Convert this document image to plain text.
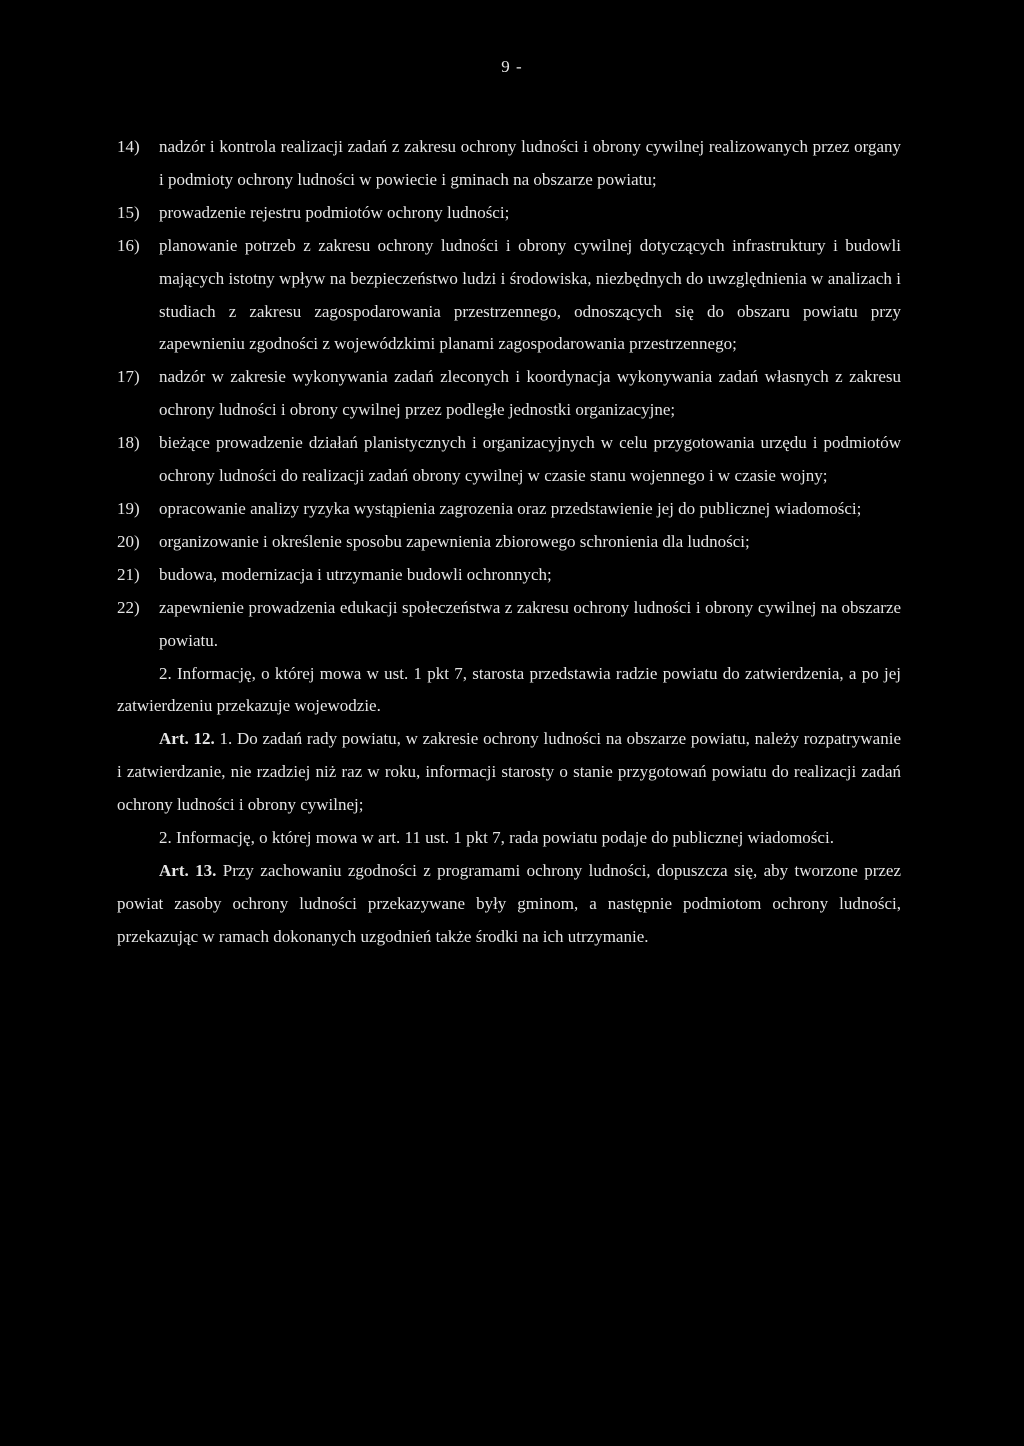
9 -
14) nadzór i kontrola realizacji zadań z zakresu ochrony ludności i obrony cywilnej realizowanych przez organy i podmioty ochrony ludności w powiecie i gminach na obszarze powiatu;
15) prowadzenie rejestru podmiotów ochrony ludności;
16) planowanie potrzeb z zakresu ochrony ludności i obrony cywilnej dotyczących infrastruktury i budowli mających istotny wpływ na bezpieczeństwo ludzi i środowiska, niezbędnych do uwzględnienia w analizach i studiach z zakresu zagospodarowania przestrzennego, odnoszących się do obszaru powiatu przy zapewnieniu zgodności z wojewódzkimi planami zagospodarowania przestrzennego;
17) nadzór w zakresie wykonywania zadań zleconych i koordynacja wykonywania zadań własnych z zakresu ochrony ludności i obrony cywilnej przez podległe jednostki organizacyjne;
18) bieżące prowadzenie działań planistycznych i organizacyjnych w celu przygotowania urzędu i podmiotów ochrony ludności do realizacji zadań obrony cywilnej w czasie stanu wojennego i w czasie wojny;
19) opracowanie analizy ryzyka wystąpienia zagrozenia oraz przedstawienie jej do publicznej wiadomości;
20) organizowanie i określenie sposobu zapewnienia zbiorowego schronienia dla ludności;
21) budowa, modernizacja i utrzymanie budowli ochronnych;
22) zapewnienie prowadzenia edukacji społeczeństwa z zakresu ochrony ludności i obrony cywilnej na obszarze powiatu.
2. Informację, o której mowa w ust. 1 pkt 7, starosta przedstawia radzie powiatu do zatwierdzenia, a po jej zatwierdzeniu przekazuje wojewodzie.
Art. 12. 1. Do zadań rady powiatu, w zakresie ochrony ludności na obszarze powiatu, należy rozpatrywanie i zatwierdzanie, nie rzadziej niż raz w roku, informacji starosty o stanie przygotowań powiatu do realizacji zadań ochrony ludności i obrony cywilnej;
2. Informację, o której mowa w art. 11 ust. 1 pkt 7, rada powiatu podaje do publicznej wiadomości.
Art. 13. Przy zachowaniu zgodności z programami ochrony ludności, dopuszcza się, aby tworzone przez powiat zasoby ochrony ludności przekazywane były gminom, a następnie podmiotom ochrony ludności, przekazując w ramach dokonanych uzgodnień także środki na ich utrzymanie.
